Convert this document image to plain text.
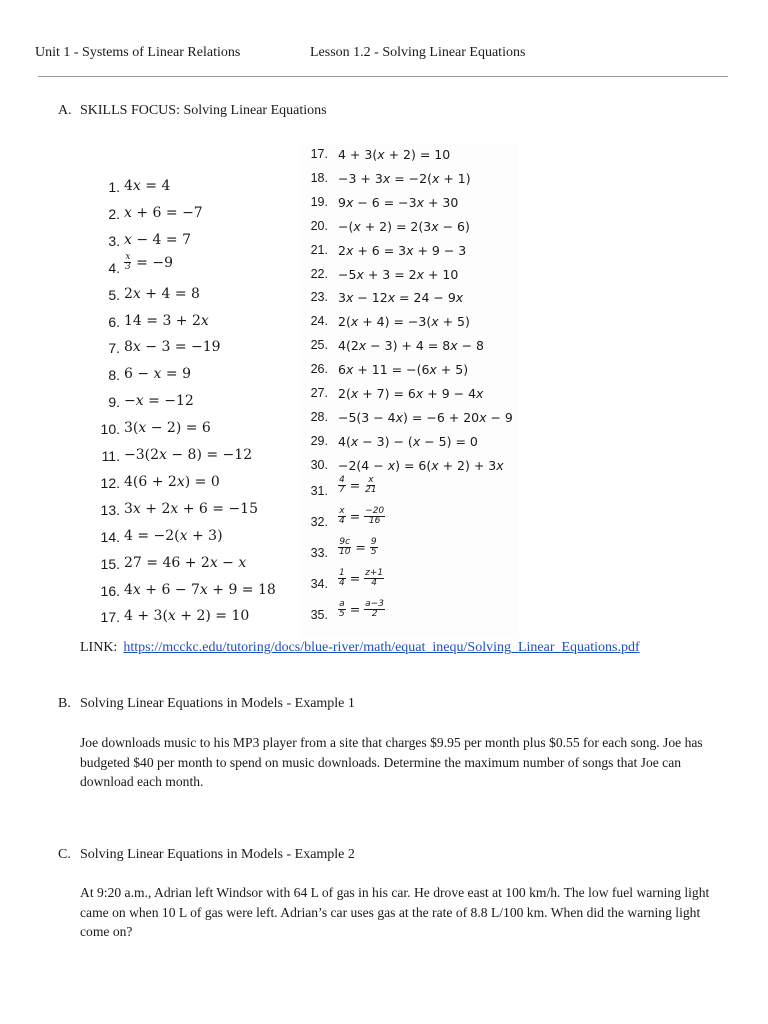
Unit 1 - Systems of Linear Relations	Lesson 1.2 - Solving Linear Equations
A. SKILLS FOCUS: Solving Linear Equations
1. 4x = 4
2. x + 6 = −7
3. x − 4 = 7
4. $\frac{x}{3} = -9$
5. 2x + 4 = 8
6. 14 = 3 + 2x
7. 8x − 3 = −19
8. 6 − x = 9
9. −x = −12
10. 3(x − 2) = 6
11. −3(2x − 8) = −12
12. 4(6 + 2x) = 0
13. 3x + 2x + 6 = −15
14. 4 = −2(x + 3)
15. 27 = 46 + 2x − x
16. 4x + 6 − 7x + 9 = 18
17. 4 + 3(x + 2) = 10
17. 4 + 3(x + 2) = 10
18. −3 + 3x = −2(x + 1)
19. 9x − 6 = −3x + 30
20. −(x + 2) = 2(3x − 6)
21. 2x + 6 = 3x + 9 − 3
22. −5x + 3 = 2x + 10
23. 3x − 12x = 24 − 9x
24. 2(x + 4) = −3(x + 5)
25. 4(2x − 3) + 4 = 8x − 8
26. 6x + 11 = −(6x + 5)
27. 2(x + 7) = 6x + 9 − 4x
28. −5(3 − 4x) = −6 + 20x − 9
29. 4(x − 3) − (x − 5) = 0
30. −2(4 − x) = 6(x + 2) + 3x
31. $\frac{4}{7} = \frac{x}{21}$
32. $\frac{x}{4} = \frac{-20}{16}$
33. $\frac{9c}{10} = \frac{9}{5}$
34. $\frac{1}{4} = \frac{z+1}{4}$
35. $\frac{a}{5} = \frac{a-3}{2}$
LINK: https://mcckc.edu/tutoring/docs/blue-river/math/equat_inequ/Solving_Linear_Equations.pdf
B. Solving Linear Equations in Models - Example 1
Joe downloads music to his MP3 player from a site that charges $9.95 per month plus $0.55 for each song. Joe has budgeted $40 per month to spend on music downloads. Determine the maximum number of songs that Joe can download each month.
C. Solving Linear Equations in Models - Example 2
At 9:20 a.m., Adrian left Windsor with 64 L of gas in his car. He drove east at 100 km/h. The low fuel warning light came on when 10 L of gas were left. Adrian’s car uses gas at the rate of 8.8 L/100 km. When did the warning light come on?
